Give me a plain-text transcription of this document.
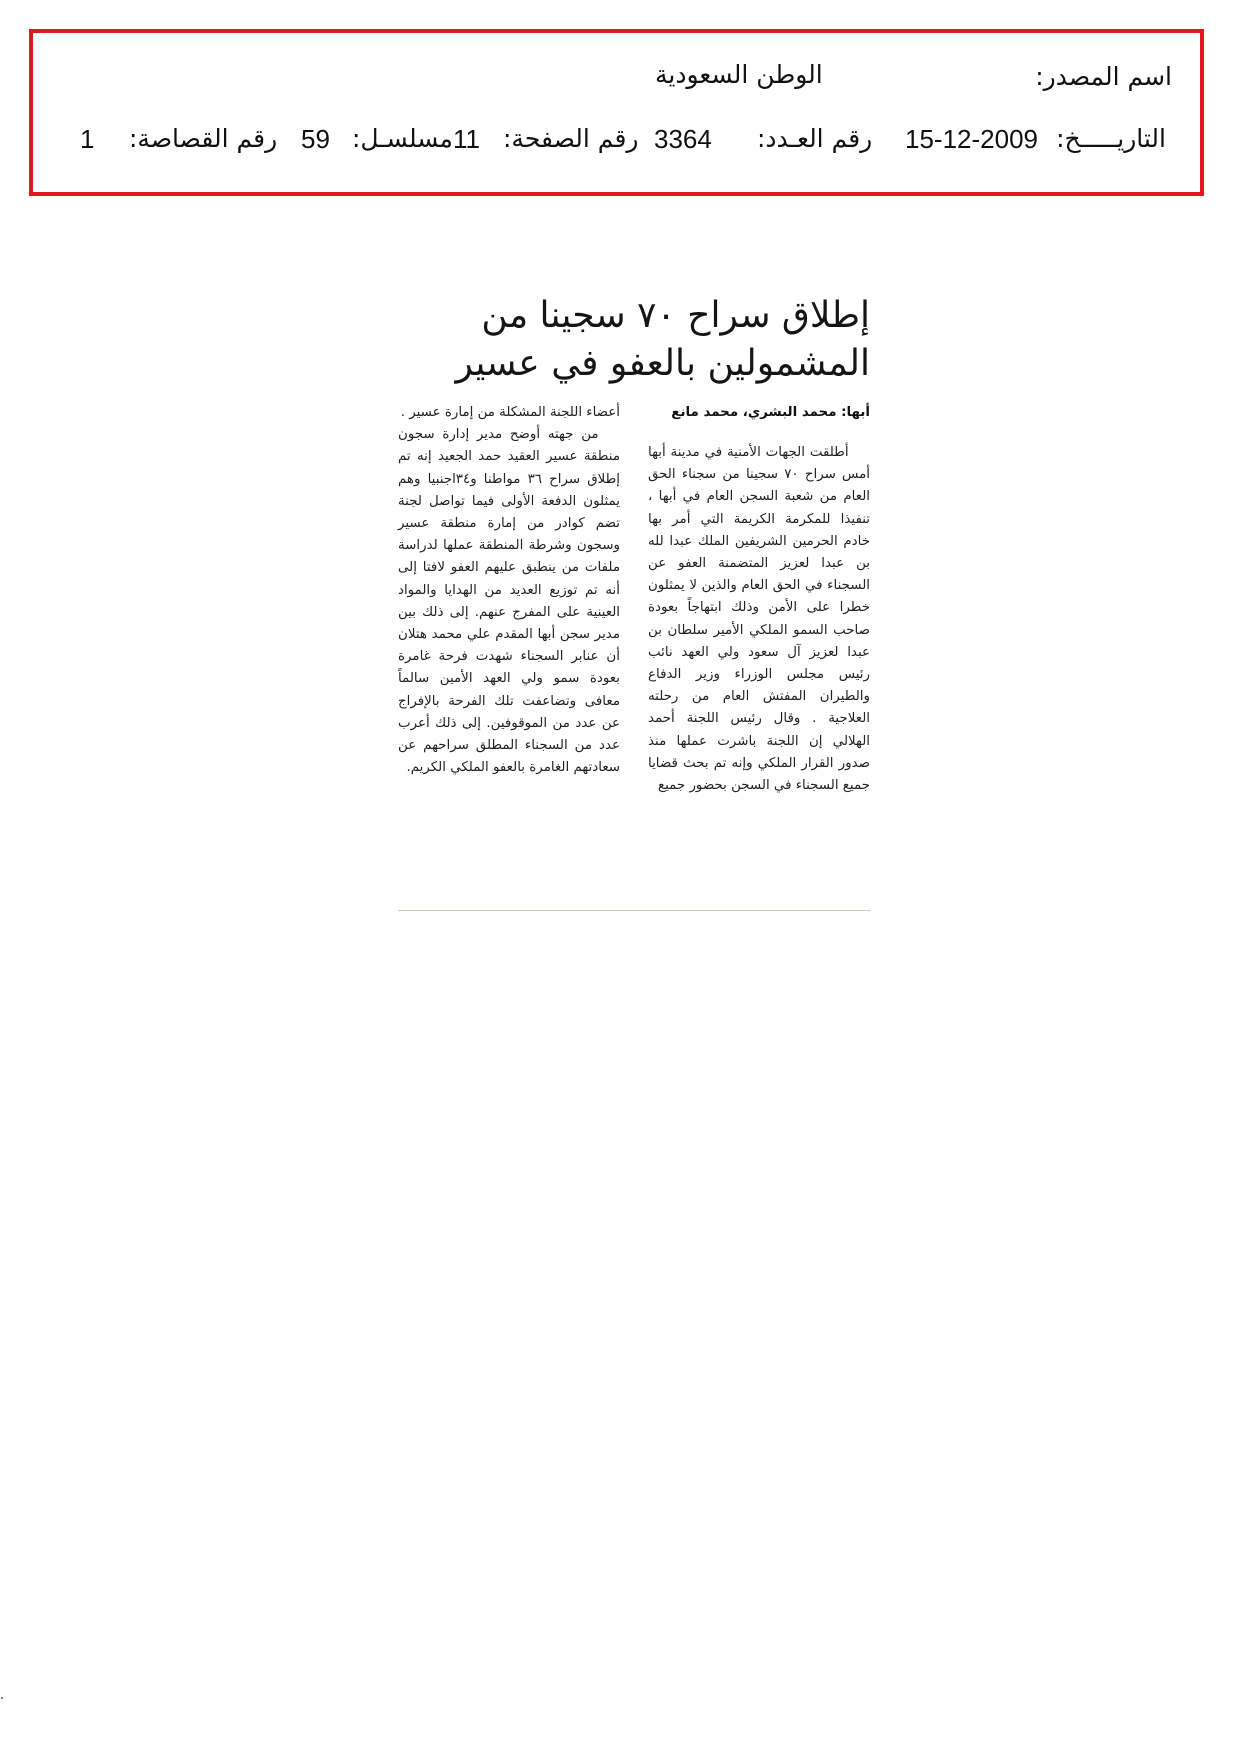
اسم المصدر:
الوطن السعودية
التاريـــــخ:
15-12-2009
رقم العـدد:
3364
رقم الصفحة:
11
مسلسـل:
59
رقم القصاصة:
1
إطلاق سراح ٧٠ سجينا من
المشمولين بالعفو في عسير
أبها: محمد البشري، محمد مانع

أطلقت الجهات الأمنية في مدينة أبها أمس سراح ٧٠ سجينا من سجناء الحق العام من شعبة السجن العام في أبها ، تنفيذا للمكرمة الكريمة التي أمر بها خادم الحرمين الشريفين الملك عبدا لله بن عبدا لعزيز المتضمنة العفو عن السجناء في الحق العام والذين لا يمثلون خطرا على الأمن وذلك ابتهاجاً بعودة صاحب السمو الملكي الأمير سلطان بن عبدا لعزيز آل سعود ولي العهد نائب رئيس مجلس الوزراء وزير الدفاع والطيران المفتش العام من رحلته العلاجية . وقال رئيس اللجنة أحمد الهلالي إن اللجنة باشرت عملها منذ صدور القرار الملكي وإنه تم بحث قضايا جميع السجناء في السجن بحضور جميع

أعضاء اللجنة المشكلة من إمارة عسير .

من جهته أوضح مدير إدارة سجون منطقة عسير العقيد حمد الجعيد إنه تم إطلاق سراح ٣٦ مواطنا و٣٤اجنبيا وهم يمثلون الدفعة الأولى فيما تواصل لجنة تضم كوادر من إمارة منطقة عسير وسجون وشرطة المنطقة عملها لدراسة ملفات من ينطبق عليهم العفو لافتا إلى أنه تم توزيع العديد من الهدايا والمواد العينية على المفرج عنهم. إلى ذلك بين مدير سجن أبها المقدم علي محمد هتلان أن عنابر السجناء شهدت فرحة غامرة بعودة سمو ولي العهد الأمين سالماً معافى وتضاعفت تلك الفرحة بالإفراج عن عدد من الموقوفين. إلى ذلك أعرب عدد من السجناء المطلق سراحهم عن سعادتهم الغامرة بالعفو الملكي الكريم.
